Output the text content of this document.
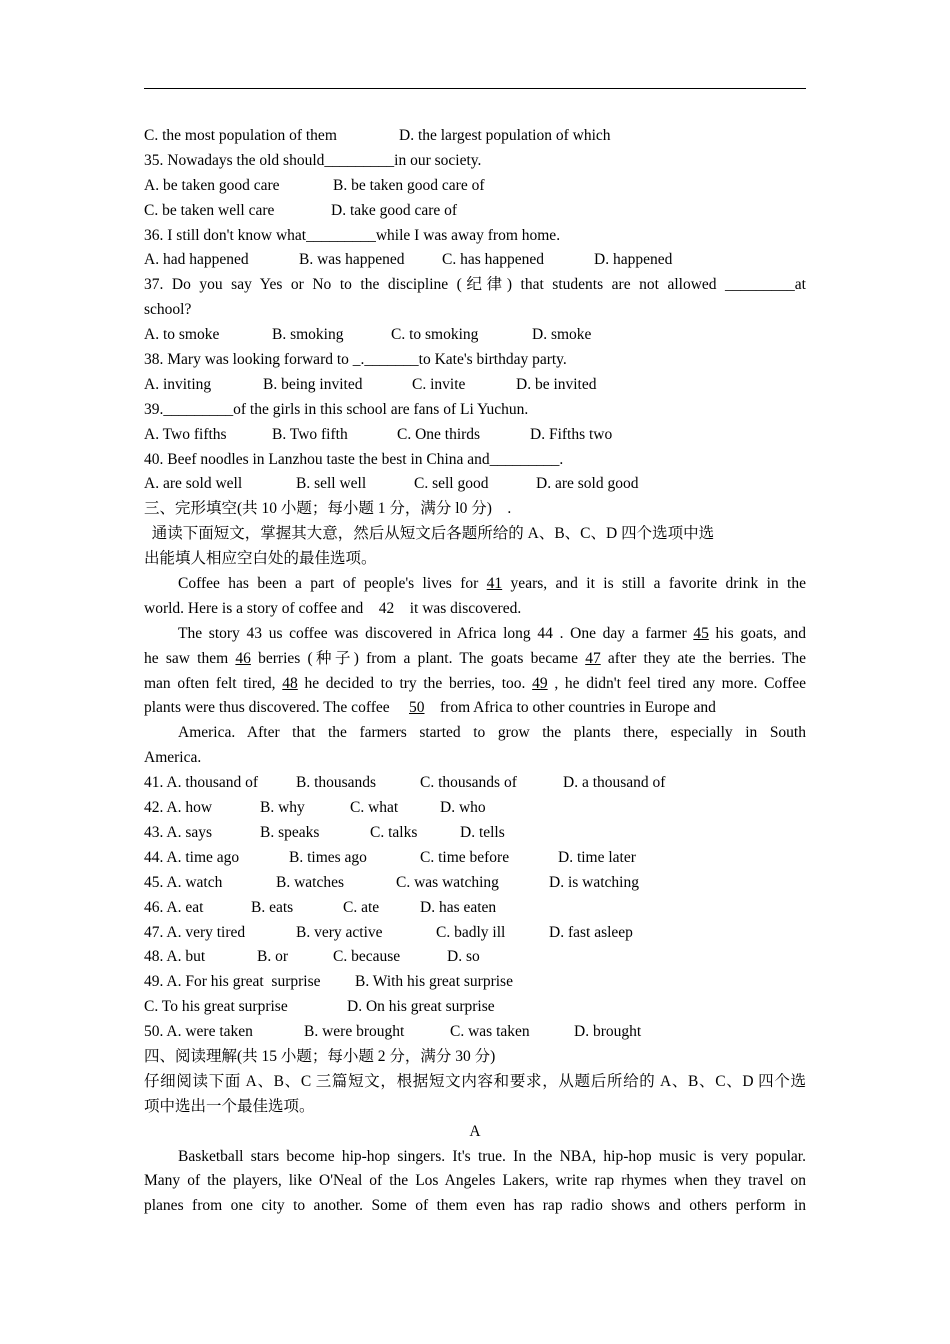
C. the most population of them	D. the largest population of which
35. Nowadays the old should_________in our society.
A. be taken good care	B. be taken good care of
C. be taken well care	D. take good care of
36. I still don't know what_________while I was away from home.
A. had happened	B. was happened C. has happened	D. happened
37. Do you say Yes or No to the discipline (纪律) that students are not allowed _________at
school?
A. to smoke	B. smoking	C. to smoking	D. smoke
38. Mary was looking forward to _._______to Kate's birthday party.
A. inviting	B. being invited	C. invite	D. be invited
39._________of the girls in this school are fans of Li Yuchun.
A. Two fifths	B. Two fifth	C. One thirds	D. Fifths two
40. Beef noodles in Lanzhou taste the best in China and_________.
A. are sold well	B. sell well	C. sell good	D. are sold good
三、完形填空(共 10 小题；每小题 1 分，满分 l0 分)    .
通读下面短文，掌握其大意，然后从短文后各题所给的 A、B、C、D 四个选项中选
出能填人相应空白处的最佳选项。
Coffee has been a part of people's lives for 41 years, and it is still a favorite drink in the
world. Here is a story of coffee and    42    it was discovered.
The story 43 us coffee was discovered in Africa long 44 . One day a farmer 45 his goats, and
he saw them 46 berries (种子) from a plant. The goats became 47 after they ate the berries. The
man often felt tired, 48 he decided to try the berries, too. 49 , he didn't feel tired any more. Coffee
plants were thus discovered. The coffee     50    from Africa to other countries in Europe and
America. After that the farmers started to grow the plants there, especially in South
America.
41. A. thousand of B. thousands	C. thousands of	D. a thousand of
42. A. how	B. why	C. what	D. who
43. A. says	B. speaks	C. talks	D. tells
44. A. time ago	B. times ago	C. time before	D. time later
45. A. watch	B. watches	C. was watching	D. is watching
46. A. eat	B. eats	C. ate	D. has eaten
47. A. very tired	B. very active	C. badly ill	D. fast asleep
48. A. but	B. or	C. because	D. so
49. A. For his great  surprise B. With his great surprise
C. To his great surprise	D. On his great surprise
50. A. were taken	B. were brought	C. was taken	D. brought
四、阅读理解(共 15 小题；每小题 2 分，满分 30 分)
仔细阅读下面 A、B、C 三篇短文，根据短文内容和要求，从题后所给的 A、B、C、D 四个选
项中选出一个最佳选项。
A
Basketball stars become hip-hop singers. It's true. In the NBA, hip-hop music is very popular.
Many of the players, like O'Neal of the Los Angeles Lakers, write rap rhymes when they travel on
planes from one city to another. Some of them even has rap radio shows and others perform in
